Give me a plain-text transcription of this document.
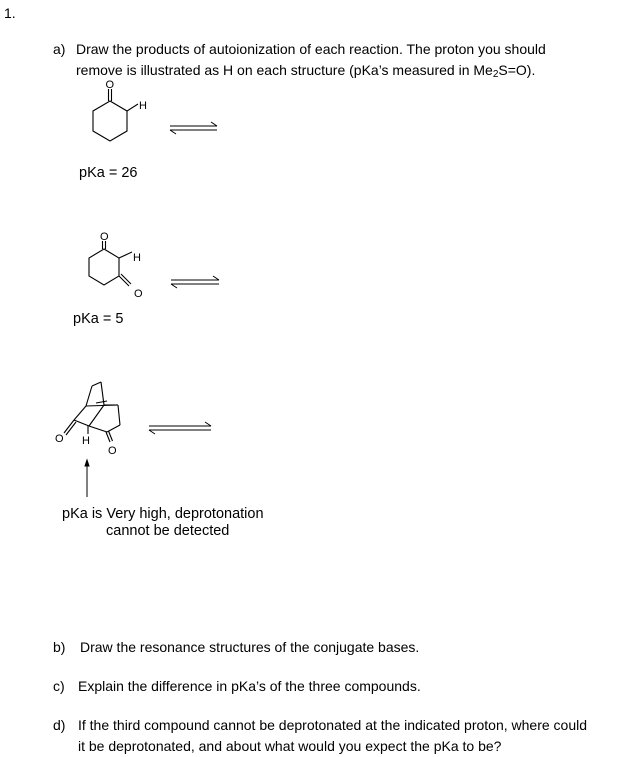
1.
a) Draw the products of autoionization of each reaction. The proton you should
remove is illustrated as H on each structure (pKa’s measured in $Me_2S=O$).
O
H
pKa = 26
O
H
O
pKa = 5
O H
O
pKa is Very high, deprotonation
cannot be detected
b) Draw the resonance structures of the conjugate bases.
c) Explain the difference in pKa’s of the three compounds.
d) If the third compound cannot be deprotonated at the indicated proton, where could
it be deprotonated, and about what would you expect the pKa to be?
